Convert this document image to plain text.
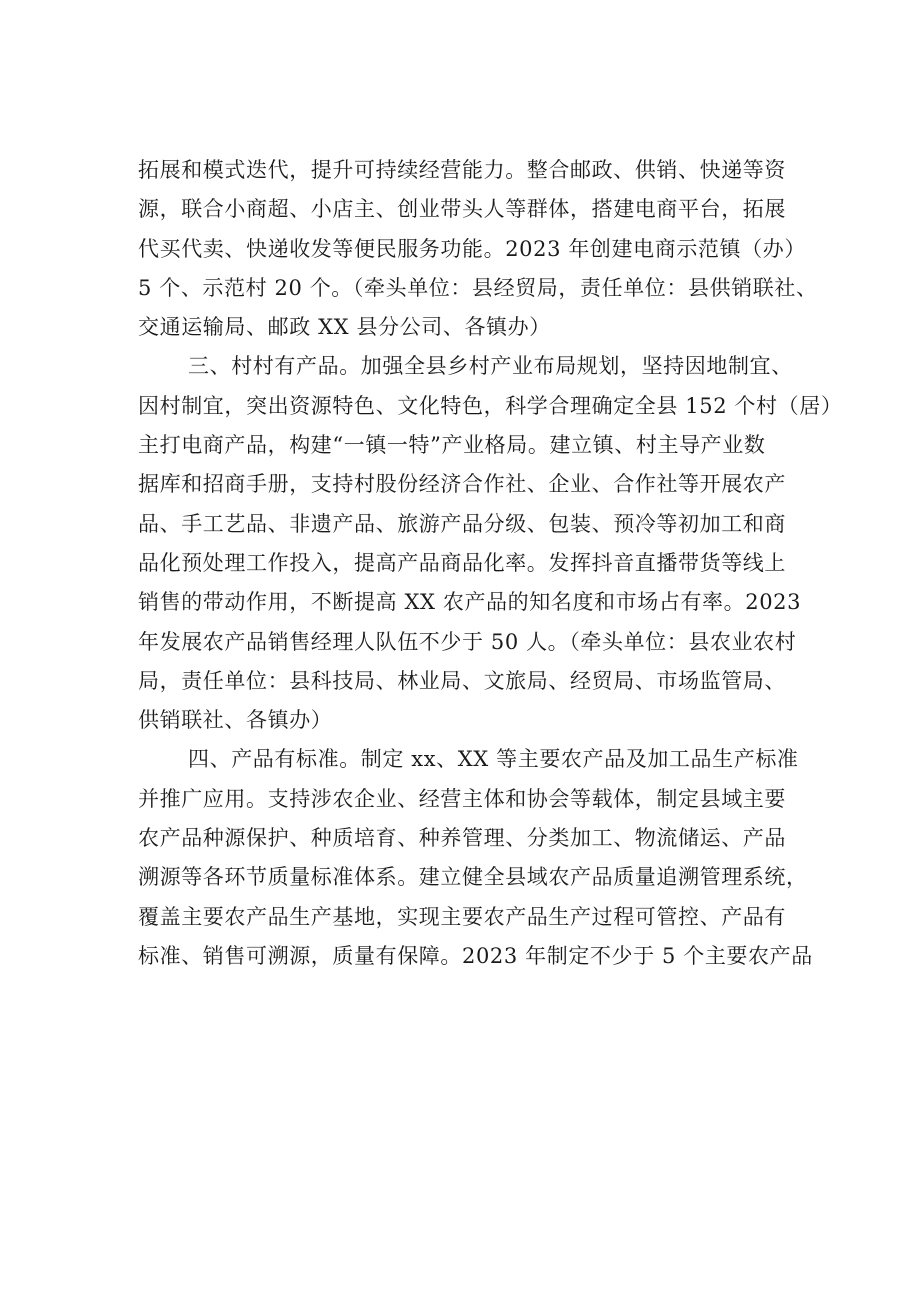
拓展和模式迭代，提升可持续经营能力。整合邮政、供销、快递等资
源，联合小商超、小店主、创业带头人等群体，搭建电商平台，拓展
代买代卖、快递收发等便民服务功能。2023 年创建电商示范镇（办）
5 个、示范村 20 个。（牵头单位：县经贸局，责任单位：县供销联社、
交通运输局、邮政 XX 县分公司、各镇办）
三、村村有产品。加强全县乡村产业布局规划，坚持因地制宜、
因村制宜，突出资源特色、文化特色，科学合理确定全县 152 个村（居）
主打电商产品，构建“一镇一特”产业格局。建立镇、村主导产业数
据库和招商手册，支持村股份经济合作社、企业、合作社等开展农产
品、手工艺品、非遗产品、旅游产品分级、包装、预冷等初加工和商
品化预处理工作投入，提高产品商品化率。发挥抖音直播带货等线上
销售的带动作用，不断提高 XX 农产品的知名度和市场占有率。2023
年发展农产品销售经理人队伍不少于 50 人。（牵头单位：县农业农村
局，责任单位：县科技局、林业局、文旅局、经贸局、市场监管局、
供销联社、各镇办）
四、产品有标准。制定 xx、XX 等主要农产品及加工品生产标准
并推广应用。支持涉农企业、经营主体和协会等载体，制定县域主要
农产品种源保护、种质培育、种养管理、分类加工、物流储运、产品
溯源等各环节质量标准体系。建立健全县域农产品质量追溯管理系统，
覆盖主要农产品生产基地，实现主要农产品生产过程可管控、产品有
标准、销售可溯源，质量有保障。2023 年制定不少于 5 个主要农产品
